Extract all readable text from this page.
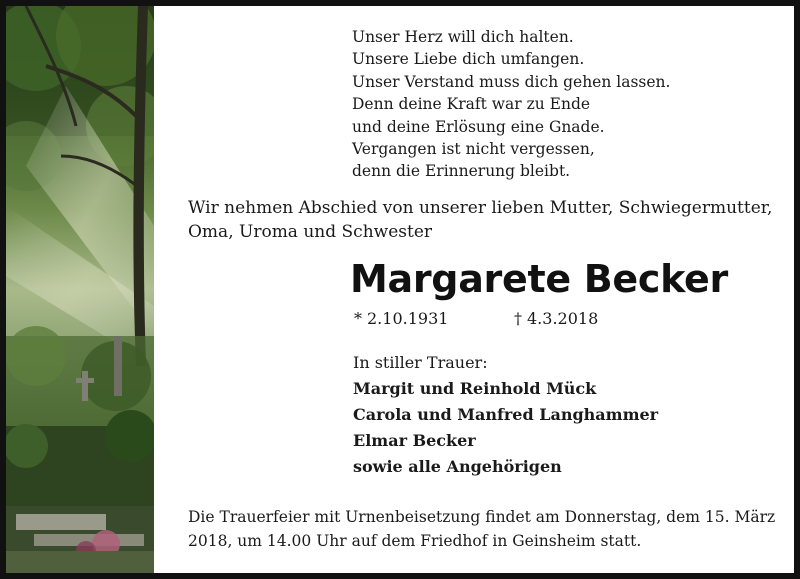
Unser Herz will dich halten.
Unsere Liebe dich umfangen.
Unser Verstand muss dich gehen lassen.
Denn deine Kraft war zu Ende
und deine Erlösung eine Gnade.
Vergangen ist nicht vergessen,
denn die Erinnerung bleibt.
Wir nehmen Abschied von unserer lieben Mutter, Schwiegermutter,
Oma, Uroma und Schwester
Margarete Becker
* 2.10.1931	† 4.3.2018
In stiller Trauer:
Margit und Reinhold Mück
Carola und Manfred Langhammer
Elmar Becker
sowie alle Angehörigen
Die Trauerfeier mit Urnenbeisetzung findet am Donnerstag, dem 15. März
2018, um 14.00 Uhr auf dem Friedhof in Geinsheim statt.
